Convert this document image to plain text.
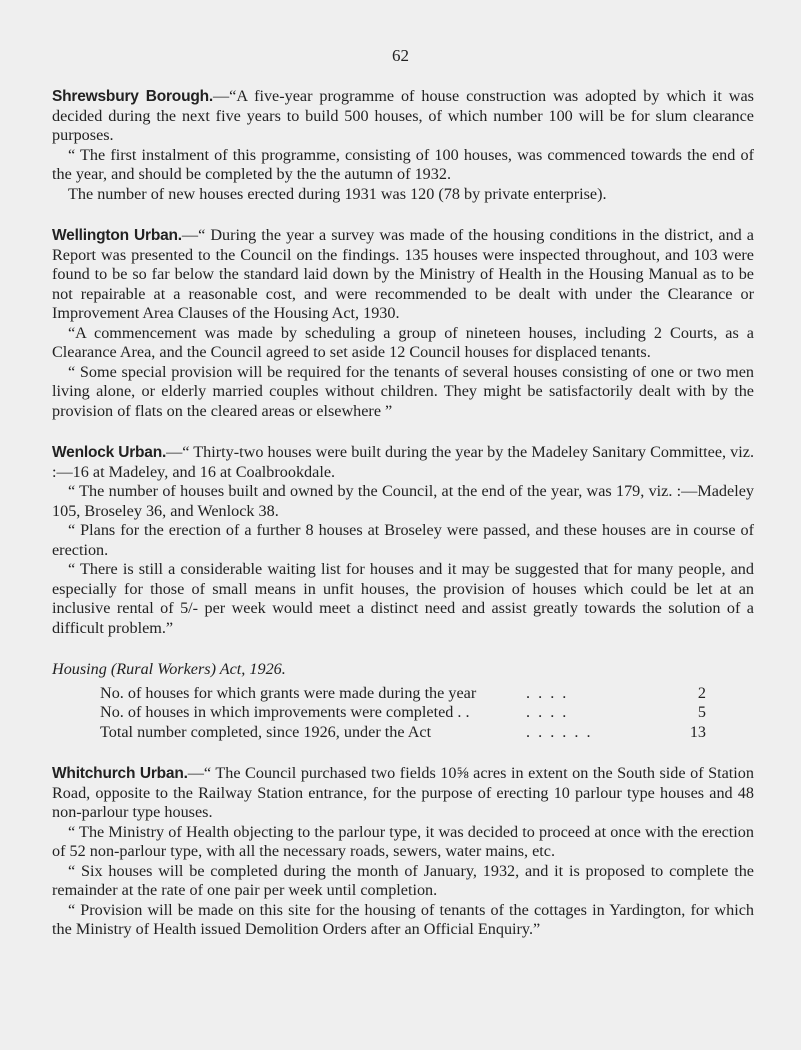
62

Shrewsbury Borough.—“A five-year programme of house construction was adopted by which it was decided during the next five years to build 500 houses, of which number 100 will be for slum clearance purposes.

“ The first instalment of this programme, consisting of 100 houses, was commenced towards the end of the year, and should be completed by the the autumn of 1932.

The number of new houses erected during 1931 was 120 (78 by private enterprise).

Wellington Urban.—“ During the year a survey was made of the housing conditions in the district, and a Report was presented to the Council on the findings. 135 houses were inspected throughout, and 103 were found to be so far below the standard laid down by the Ministry of Health in the Housing Manual as to be not repairable at a reasonable cost, and were recommended to be dealt with under the Clearance or Improvement Area Clauses of the Housing Act, 1930.

“A commencement was made by scheduling a group of nineteen houses, including 2 Courts, as a Clearance Area, and the Council agreed to set aside 12 Council houses for displaced tenants.

“ Some special provision will be required for the tenants of several houses consisting of one or two men living alone, or elderly married couples without children. They might be satisfactorily dealt with by the provision of flats on the cleared areas or elsewhere ”

Wenlock Urban.—“ Thirty-two houses were built during the year by the Madeley Sanitary Committee, viz. :—16 at Madeley, and 16 at Coalbrookdale.

“ The number of houses built and owned by the Council, at the end of the year, was 179, viz. :—Madeley 105, Broseley 36, and Wenlock 38.

“ Plans for the erection of a further 8 houses at Broseley were passed, and these houses are in course of erection.

“ There is still a considerable waiting list for houses and it may be suggested that for many people, and especially for those of small means in unfit houses, the provision of houses which could be let at an inclusive rental of 5/- per week would meet a distinct need and assist greatly towards the solution of a difficult problem.”

Housing (Rural Workers) Act, 1926.

No. of houses for which grants were made during the year	. . . .	2
No. of houses in which improvements were completed . .	. . . .	5
Total number completed, since 1926, under the Act	. . . . . .	13

Whitchurch Urban.—“ The Council purchased two fields 10⅝ acres in extent on the South side of Station Road, opposite to the Railway Station entrance, for the purpose of erecting 10 parlour type houses and 48 non-parlour type houses.

“ The Ministry of Health objecting to the parlour type, it was decided to proceed at once with the erection of 52 non-parlour type, with all the necessary roads, sewers, water mains, etc.

“ Six houses will be completed during the month of January, 1932, and it is proposed to complete the remainder at the rate of one pair per week until completion.

“ Provision will be made on this site for the housing of tenants of the cottages in Yardington, for which the Ministry of Health issued Demolition Orders after an Official Enquiry.”
